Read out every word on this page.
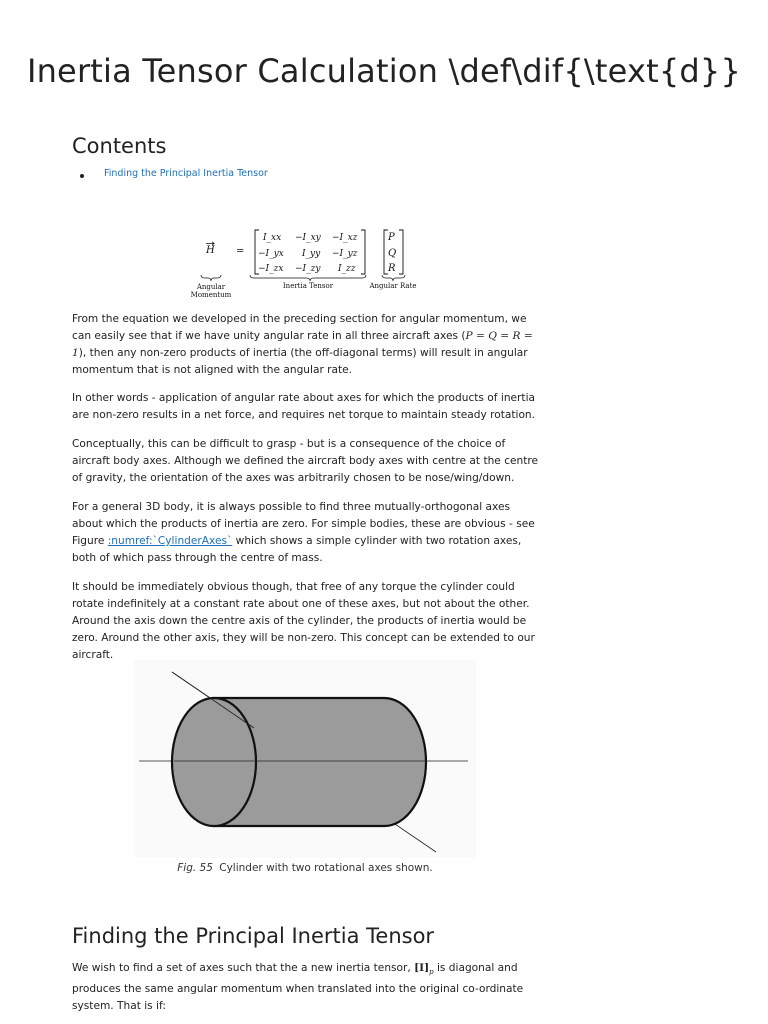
Inertia Tensor Calculation \def\dif{\text{d}}
Contents
Finding the Principal Inertia Tensor
H =
I_xx −I_xy −I_xz
−I_yx I_yy −I_yz
−I_zx −I_zy I_zz
P
Q
R
Angular
Momentum
Inertia Tensor	Angular Rate

From the equation we developed in the preceding section for angular momentum, we can easily see that if we have unity angular rate in all three aircraft axes (P = Q = R = 1), then any non-zero products of inertia (the off-diagonal terms) will result in angular momentum that is not aligned with the angular rate.

In other words - application of angular rate about axes for which the products of inertia are non-zero results in a net force, and requires net torque to maintain steady rotation.

Conceptually, this can be difficult to grasp - but is a consequence of the choice of aircraft body axes. Although we defined the aircraft body axes with centre at the centre of gravity, the orientation of the axes was arbitrarily chosen to be nose/wing/down.

For a general 3D body, it is always possible to find three mutually-orthogonal axes about which the products of inertia are zero. For simple bodies, these are obvious - see Figure :numref:`CylinderAxes` which shows a simple cylinder with two rotation axes, both of which pass through the centre of mass.

It should be immediately obvious though, that free of any torque the cylinder could rotate indefinitely at a constant rate about one of these axes, but not about the other. Around the axis down the centre axis of the cylinder, the products of inertia would be zero. Around the other axis, they will be non-zero. This concept can be extended to our aircraft.

Fig. 55 Cylinder with two rotational axes shown.
Finding the Principal Inertia Tensor

We wish to find a set of axes such that the a new inertia tensor, $[I]_p$ is diagonal and produces the same angular momentum when translated into the original co-ordinate system. That is if:
